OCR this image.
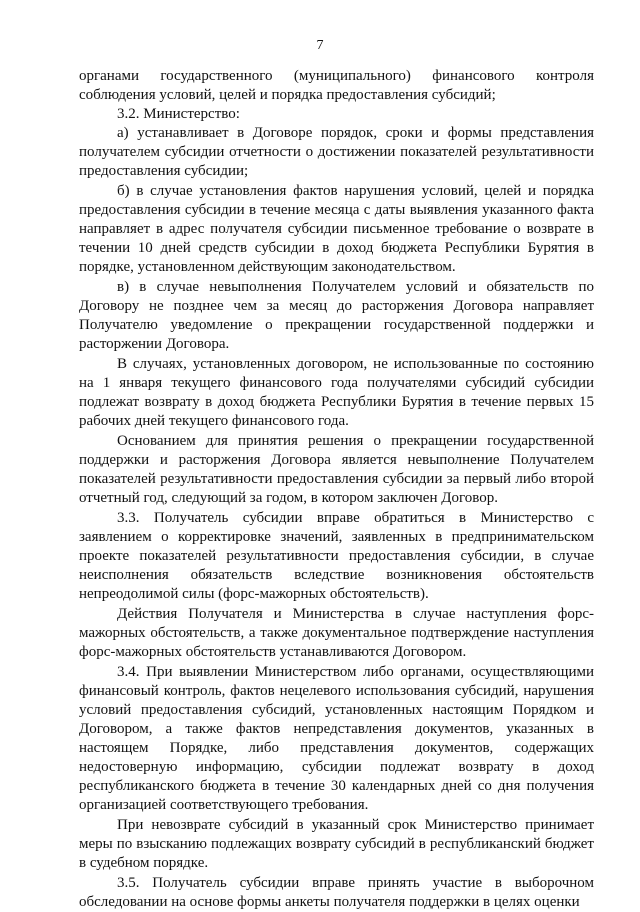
7

органами государственного (муниципального) финансового контроля соблюдения условий, целей и порядка предоставления субсидий;

3.2. Министерство:

а) устанавливает в Договоре порядок, сроки и формы представления получателем субсидии отчетности о достижении показателей результативности предоставления субсидии;

б) в случае установления фактов нарушения условий, целей и порядка предоставления субсидии в течение месяца с даты выявления указанного факта направляет в адрес получателя субсидии письменное требование о возврате в течении 10 дней средств субсидии в доход бюджета Республики Бурятия в порядке, установленном действующим законодательством.

в) в случае невыполнения Получателем условий и обязательств по Договору не позднее чем за месяц до расторжения Договора направляет Получателю уведомление о прекращении государственной поддержки и расторжении Договора.

В случаях, установленных договором, не использованные по состоянию на 1 января текущего финансового года получателями субсидий субсидии подлежат возврату в доход бюджета Республики Бурятия в течение первых 15 рабочих дней текущего финансового года.

Основанием для принятия решения о прекращении государственной поддержки и расторжения Договора является невыполнение Получателем показателей результативности предоставления субсидии за первый либо второй отчетный год, следующий за годом, в котором заключен Договор.

3.3. Получатель субсидии вправе обратиться в Министерство с заявлением о корректировке значений, заявленных в предпринимательском проекте показателей результативности предоставления субсидии, в случае неисполнения обязательств вследствие возникновения обстоятельств непреодолимой силы (форс-мажорных обстоятельств).

Действия Получателя и Министерства в случае наступления форс-мажорных обстоятельств, а также документальное подтверждение наступления форс-мажорных обстоятельств устанавливаются Договором.

3.4. При выявлении Министерством либо органами, осуществляющими финансовый контроль, фактов нецелевого использования субсидий, нарушения условий предоставления субсидий, установленных настоящим Порядком и Договором, а также фактов непредставления документов, указанных в настоящем Порядке, либо представления документов, содержащих недостоверную информацию, субсидии подлежат возврату в доход республиканского бюджета в течение 30 календарных дней со дня получения организацией соответствующего требования.

При невозврате субсидий в указанный срок Министерство принимает меры по взысканию подлежащих возврату субсидий в республиканский бюджет в судебном порядке.

3.5. Получатель субсидии вправе принять участие в выборочном обследовании на основе формы анкеты получателя поддержки в целях оценки
